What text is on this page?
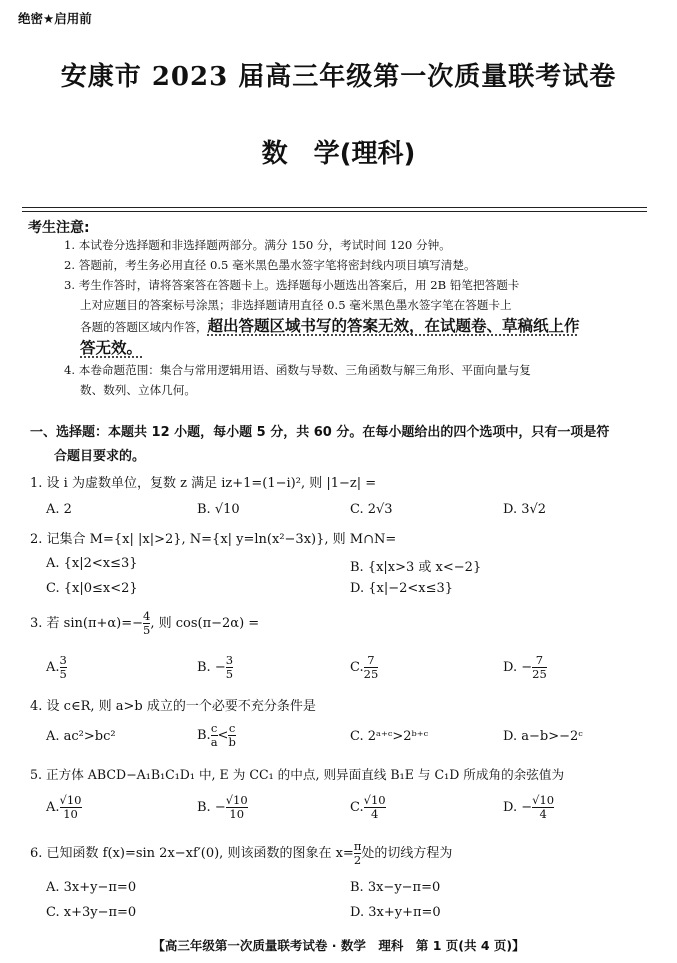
绝密★启用前
安康市 2023 届高三年级第一次质量联考试卷
数　学(理科)
考生注意:
1. 本试卷分选择题和非选择题两部分。满分 150 分，考试时间 120 分钟。
2. 答题前，考生务必用直径 0.5 毫米黑色墨水签字笔将密封线内项目填写清楚。
3. 考生作答时，请将答案答在答题卡上。选择题每小题选出答案后，用 2B 铅笔把答题卡
上对应题目的答案标号涂黑；非选择题请用直径 0.5 毫米黑色墨水签字笔在答题卡上
各题的答题区域内作答，超出答题区域书写的答案无效，在试题卷、草稿纸上作
答无效。
4. 本卷命题范围：集合与常用逻辑用语、函数与导数、三角函数与解三角形、平面向量与复
数、数列、立体几何。
一、选择题：本题共 12 小题，每小题 5 分，共 60 分。在每小题给出的四个选项中，只有一项是符
合题目要求的。
1. 设 i 为虚数单位，复数 z 满足 iz+1=(1−i)², 则 |1−z| =
A. 2	B. √10	C. 2√3	D. 3√2
2. 记集合 M={x| |x|>2}, N={x| y=ln(x²−3x)}, 则 M∩N=
A. {x|2<x≤3}	B. {x|x>3 或 x<−2}
C. {x|0≤x<2}	D. {x|−2<x≤3}
3. 若 $\sin(\pi+\alpha)=- \frac{4}{5}$ , 则 cos(π−2α) =
A. $\frac{3}{5}$	B. − $\frac{3}{5}$	C. $\frac{7}{25}$	D. − $\frac{7}{25}$
4. 设 c∈R, 则 a>b 成立的一个必要不充分条件是
A. ac²>bc²	B. $\frac{c}{a} < \frac{c}{b}$	C. 2ᵃ⁺ᶜ>2ᵇ⁺ᶜ	D. a−b>−2ᶜ
5. 正方体 ABCD−A₁B₁C₁D₁ 中, E 为 CC₁ 的中点, 则异面直线 B₁E 与 C₁D 所成角的余弦值为
A. $\frac{√10}{10}$	B. − $\frac{√10}{10}$	C. $\frac{√10}{4}$	D. − $\frac{√10}{4}$
6. 已知函数 f(x)=sin 2x−xf′(0), 则该函数的图象在 $x= \frac{\pi}{2}$ 处的切线方程为
A. 3x+y−π=0	B. 3x−y−π=0
C. x+3y−π=0	D. 3x+y+π=0
【高三年级第一次质量联考试卷 · 数学　理科　第 1 页(共 4 页)】
